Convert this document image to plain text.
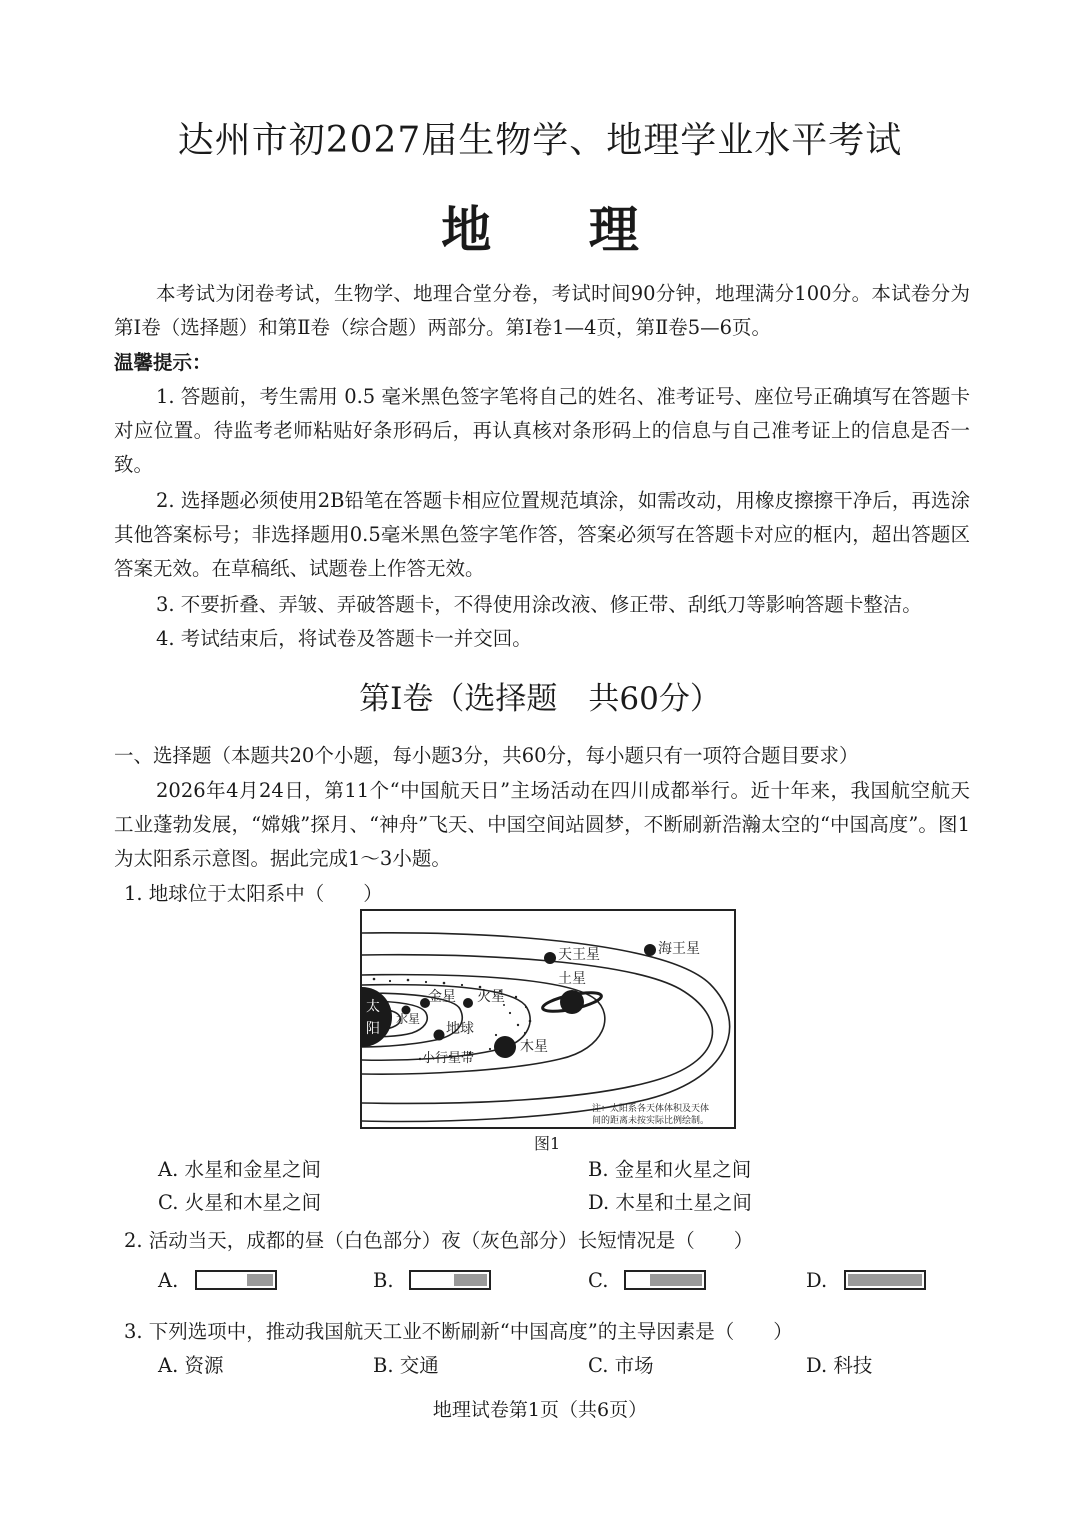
达州市初2027届生物学、地理学业水平考试
地 理
本考试为闭卷考试，生物学、地理合堂分卷，考试时间90分钟，地理满分100分。本试卷分为第Ⅰ卷（选择题）和第Ⅱ卷（综合题）两部分。第Ⅰ卷1—4页，第Ⅱ卷5—6页。
温馨提示：
1. 答题前，考生需用 0.5 毫米黑色签字笔将自己的姓名、准考证号、座位号正确填写在答题卡对应位置。待监考老师粘贴好条形码后，再认真核对条形码上的信息与自己准考证上的信息是否一致。
2. 选择题必须使用2B铅笔在答题卡相应位置规范填涂，如需改动，用橡皮擦擦干净后，再选涂其他答案标号；非选择题用0.5毫米黑色签字笔作答，答案必须写在答题卡对应的框内，超出答题区答案无效。在草稿纸、试题卷上作答无效。
3. 不要折叠、弄皱、弄破答题卡，不得使用涂改液、修正带、刮纸刀等影响答题卡整洁。
4. 考试结束后，将试卷及答题卡一并交回。
第Ⅰ卷（选择题　共60分）
一、选择题（本题共20个小题，每小题3分，共60分，每小题只有一项符合题目要求）
2026年4月24日，第11个“中国航天日”主场活动在四川成都举行。近十年来，我国航空航天工业蓬勃发展，“嫦娥”探月、“神舟”飞天、中国空间站圆梦，不断刷新浩瀚太空的“中国高度”。图1为太阳系示意图。据此完成1～3小题。
1. 地球位于太阳系中（　　）
太
阳
水星
金星
地球
火星
小行星带
木星
土星
天王星	海王星
注：太阳系各天体体积及天体
间的距离未按实际比例绘制。
图1
A. 水星和金星之间	B. 金星和火星之间
C. 火星和木星之间	D. 木星和土星之间
2. 活动当天，成都的昼（白色部分）夜（灰色部分）长短情况是（　　）
A.	B.	C.	D.
3. 下列选项中，推动我国航天工业不断刷新“中国高度”的主导因素是（　　）
A. 资源	B. 交通	C. 市场	D. 科技
地理试卷第1页（共6页）
